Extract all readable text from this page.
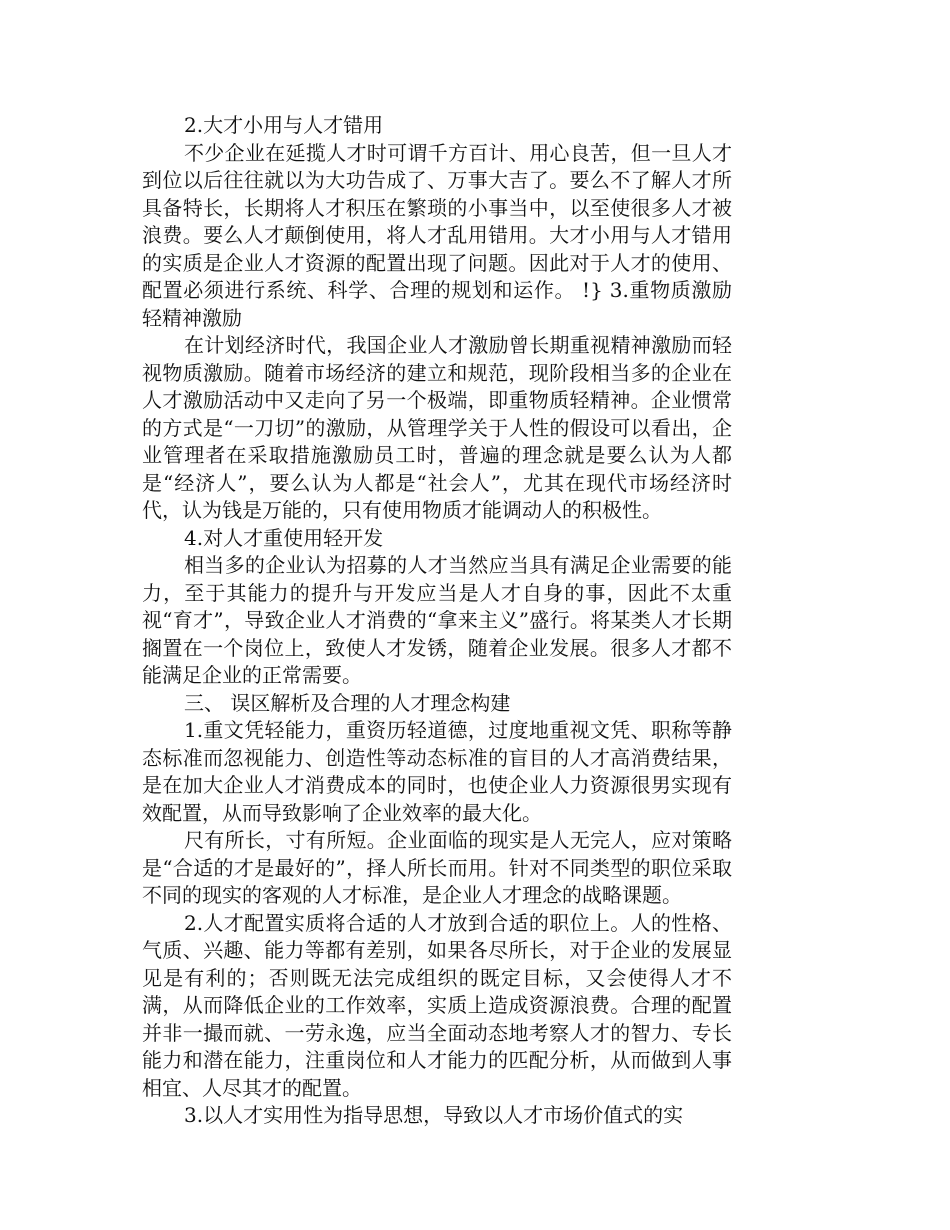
2.大才小用与人才错用

不少企业在延揽人才时可谓千方百计、用心良苦，但一旦人才到位以后往往就以为大功告成了、万事大吉了。要么不了解人才所具备特长，长期将人才积压在繁琐的小事当中，以至使很多人才被浪费。要么人才颠倒使用，将人才乱用错用。大才小用与人才错用的实质是企业人才资源的配置出现了问题。因此对于人才的使用、配置必须进行系统、科学、合理的规划和运作。 !} 3.重物质激励轻精神激励

在计划经济时代，我国企业人才激励曾长期重视精神激励而轻视物质激励。随着市场经济的建立和规范，现阶段相当多的企业在人才激励活动中又走向了另一个极端，即重物质轻精神。企业惯常的方式是“一刀切”的激励，从管理学关于人性的假设可以看出，企业管理者在采取措施激励员工时，普遍的理念就是要么认为人都是“经济人”，要么认为人都是“社会人”，尤其在现代市场经济时代，认为钱是万能的，只有使用物质才能调动人的积极性。

4.对人才重使用轻开发

相当多的企业认为招募的人才当然应当具有满足企业需要的能力，至于其能力的提升与开发应当是人才自身的事，因此不太重视“育才”，导致企业人才消费的“拿来主义”盛行。将某类人才长期搁置在一个岗位上，致使人才发锈，随着企业发展。很多人才都不能满足企业的正常需要。

三、 误区解析及合理的人才理念构建

1.重文凭轻能力，重资历轻道德，过度地重视文凭、职称等静态标准而忽视能力、创造性等动态标准的盲目的人才高消费结果，是在加大企业人才消费成本的同时，也使企业人力资源很男实现有效配置，从而导致影响了企业效率的最大化。

尺有所长，寸有所短。企业面临的现实是人无完人，应对策略是“合适的才是最好的”，择人所长而用。针对不同类型的职位采取不同的现实的客观的人才标准，是企业人才理念的战略课题。

2.人才配置实质将合适的人才放到合适的职位上。人的性格、气质、兴趣、能力等都有差别，如果各尽所长，对于企业的发展显见是有利的；否则既无法完成组织的既定目标，又会使得人才不满，从而降低企业的工作效率，实质上造成资源浪费。合理的配置并非一撮而就、一劳永逸，应当全面动态地考察人才的智力、专长能力和潜在能力，注重岗位和人才能力的匹配分析，从而做到人事相宜、人尽其才的配置。

3.以人才实用性为指导思想，导致以人才市场价值式的实
